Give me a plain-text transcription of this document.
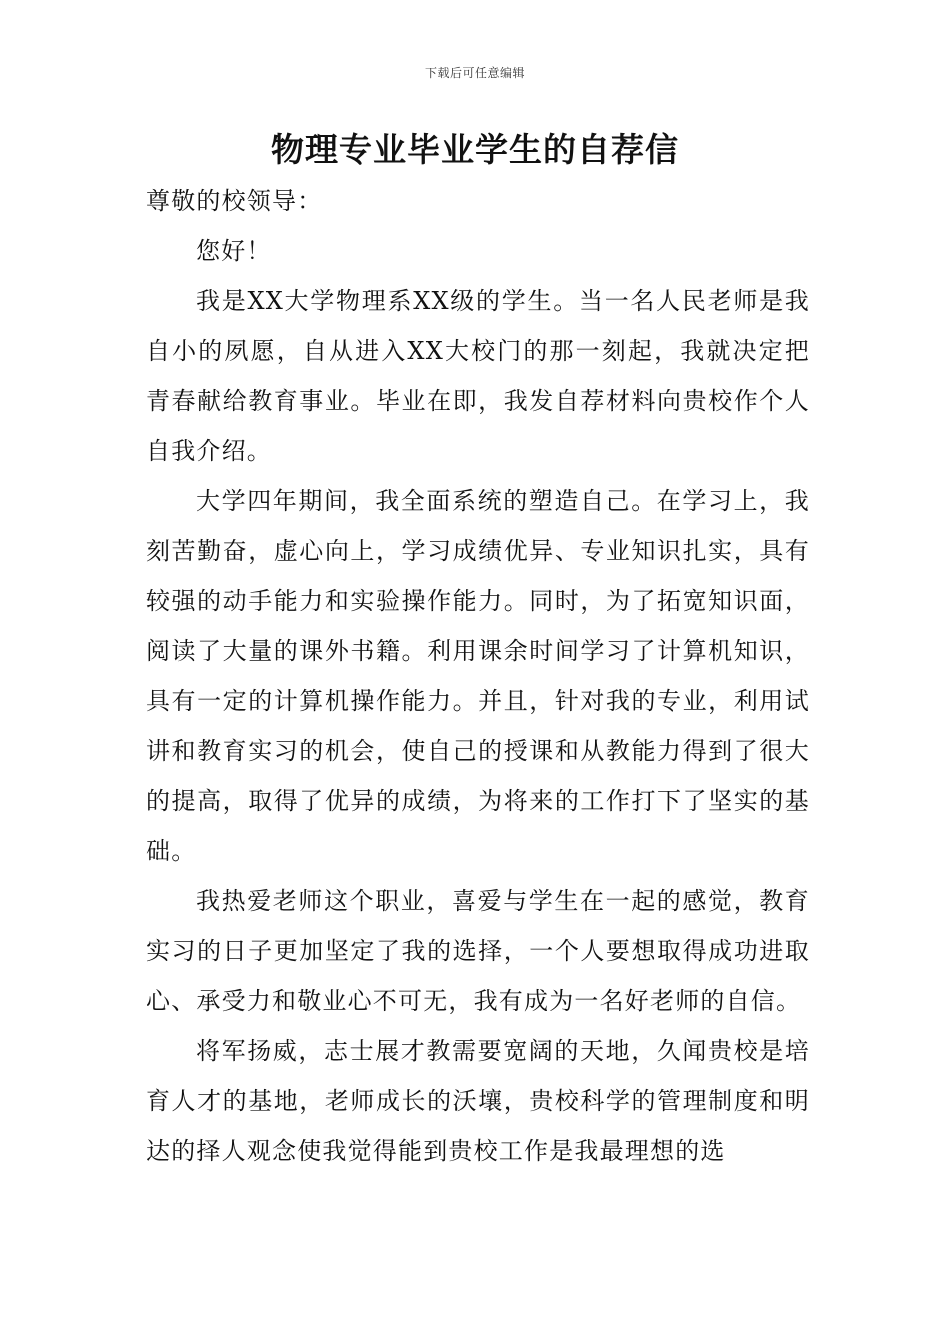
下载后可任意编辑
物理专业毕业学生的自荐信

尊敬的校领导：

您好！

我是XX大学物理系XX级的学生。当一名人民老师是我自小的夙愿，自从进入XX大校门的那一刻起，我就决定把青春献给教育事业。毕业在即，我发自荐材料向贵校作个人自我介绍。

大学四年期间，我全面系统的塑造自己。在学习上，我刻苦勤奋，虚心向上，学习成绩优异、专业知识扎实，具有较强的动手能力和实验操作能力。同时，为了拓宽知识面，阅读了大量的课外书籍。利用课余时间学习了计算机知识，具有一定的计算机操作能力。并且，针对我的专业，利用试讲和教育实习的机会，使自己的授课和从教能力得到了很大的提高，取得了优异的成绩，为将来的工作打下了坚实的基础。

我热爱老师这个职业，喜爱与学生在一起的感觉，教育实习的日子更加坚定了我的选择，一个人要想取得成功进取心、承受力和敬业心不可无，我有成为一名好老师的自信。

将军扬威，志士展才教需要宽阔的天地，久闻贵校是培育人才的基地，老师成长的沃壤，贵校科学的管理制度和明达的择人观念使我觉得能到贵校工作是我最理想的选
